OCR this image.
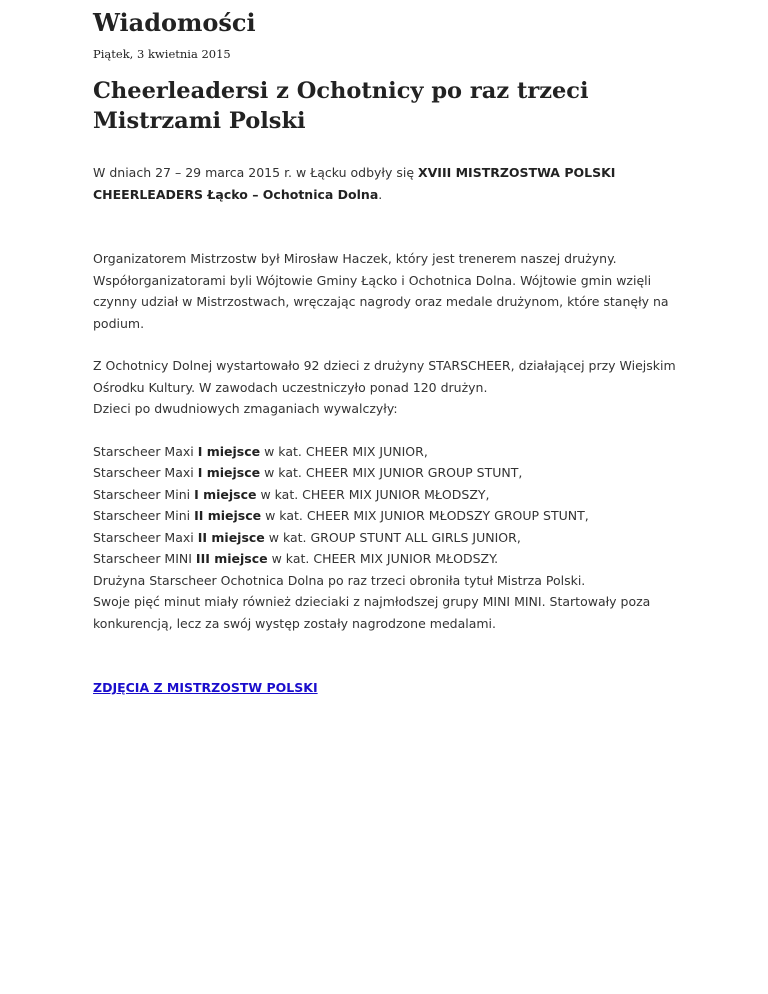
Wiadomości
Piątek, 3 kwietnia 2015
Cheerleadersi z Ochotnicy po raz trzeci Mistrzami Polski

W dniach 27 – 29 marca 2015 r. w Łącku odbyły się XVIII MISTRZOSTWA POLSKI CHEERLEADERS Łącko – Ochotnica Dolna.

Organizatorem Mistrzostw był Mirosław Haczek, który jest trenerem naszej drużyny. Współorganizatorami byli Wójtowie Gminy Łącko i Ochotnica Dolna. Wójtowie gmin wzięli czynny udział w Mistrzostwach, wręczając nagrody oraz medale drużynom, które stanęły na podium.

Z Ochotnicy Dolnej wystartowało 92 dzieci z drużyny STARSCHEER, działającej przy Wiejskim Ośrodku Kultury. W zawodach uczestniczyło ponad 120 drużyn.
Dzieci po dwudniowych zmaganiach wywalczyły:

Starscheer Maxi I miejsce w kat. CHEER MIX JUNIOR,
Starscheer Maxi I miejsce w kat. CHEER MIX JUNIOR GROUP STUNT,
Starscheer Mini I miejsce w kat. CHEER MIX JUNIOR MŁODSZY,
Starscheer Mini II miejsce w kat. CHEER MIX JUNIOR MŁODSZY GROUP STUNT,
Starscheer Maxi II miejsce w kat. GROUP STUNT ALL GIRLS JUNIOR,
Starscheer MINI III miejsce w kat. CHEER MIX JUNIOR MŁODSZY.
Drużyna Starscheer Ochotnica Dolna po raz trzeci obroniła tytuł Mistrza Polski.
Swoje pięć minut miały również dzieciaki z najmłodszej grupy MINI MINI. Startowały poza konkurencją, lecz za swój występ zostały nagrodzone medalami.

ZDJĘCIA Z MISTRZOSTW POLSKI
